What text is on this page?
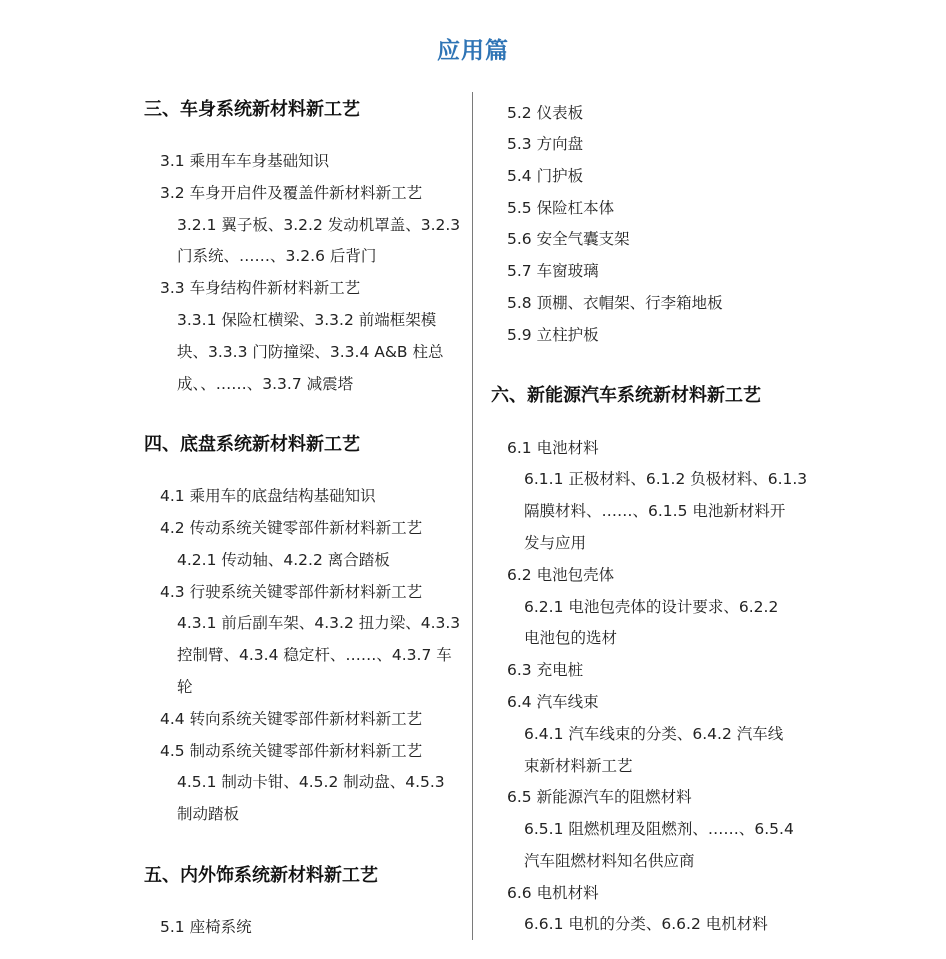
应用篇
三、车身系统新材料新工艺
3.1 乘用车车身基础知识
3.2 车身开启件及覆盖件新材料新工艺
3.2.1 翼子板、3.2.2 发动机罩盖、3.2.3
门系统、……、3.2.6 后背门
3.3 车身结构件新材料新工艺
3.3.1 保险杠横梁、3.3.2 前端框架模
块、3.3.3 门防撞梁、3.3.4 A&B 柱总
成、、……、3.3.7 减震塔
四、底盘系统新材料新工艺
4.1 乘用车的底盘结构基础知识
4.2 传动系统关键零部件新材料新工艺
4.2.1 传动轴、4.2.2 离合踏板
4.3 行驶系统关键零部件新材料新工艺
4.3.1 前后副车架、4.3.2 扭力梁、4.3.3
控制臂、4.3.4 稳定杆、……、4.3.7 车
轮
4.4 转向系统关键零部件新材料新工艺
4.5 制动系统关键零部件新材料新工艺
4.5.1 制动卡钳、4.5.2 制动盘、4.5.3
制动踏板
五、内外饰系统新材料新工艺
5.1 座椅系统
5.2 仪表板
5.3 方向盘
5.4 门护板
5.5 保险杠本体
5.6 安全气囊支架
5.7 车窗玻璃
5.8 顶棚、衣帽架、行李箱地板
5.9 立柱护板
六、新能源汽车系统新材料新工艺
6.1 电池材料
6.1.1 正极材料、6.1.2 负极材料、6.1.3
隔膜材料、……、6.1.5 电池新材料开
发与应用
6.2 电池包壳体
6.2.1 电池包壳体的设计要求、6.2.2
电池包的选材
6.3 充电桩
6.4 汽车线束
6.4.1 汽车线束的分类、6.4.2 汽车线
束新材料新工艺
6.5 新能源汽车的阻燃材料
6.5.1 阻燃机理及阻燃剂、……、6.5.4
汽车阻燃材料知名供应商
6.6 电机材料
6.6.1 电机的分类、6.6.2 电机材料
